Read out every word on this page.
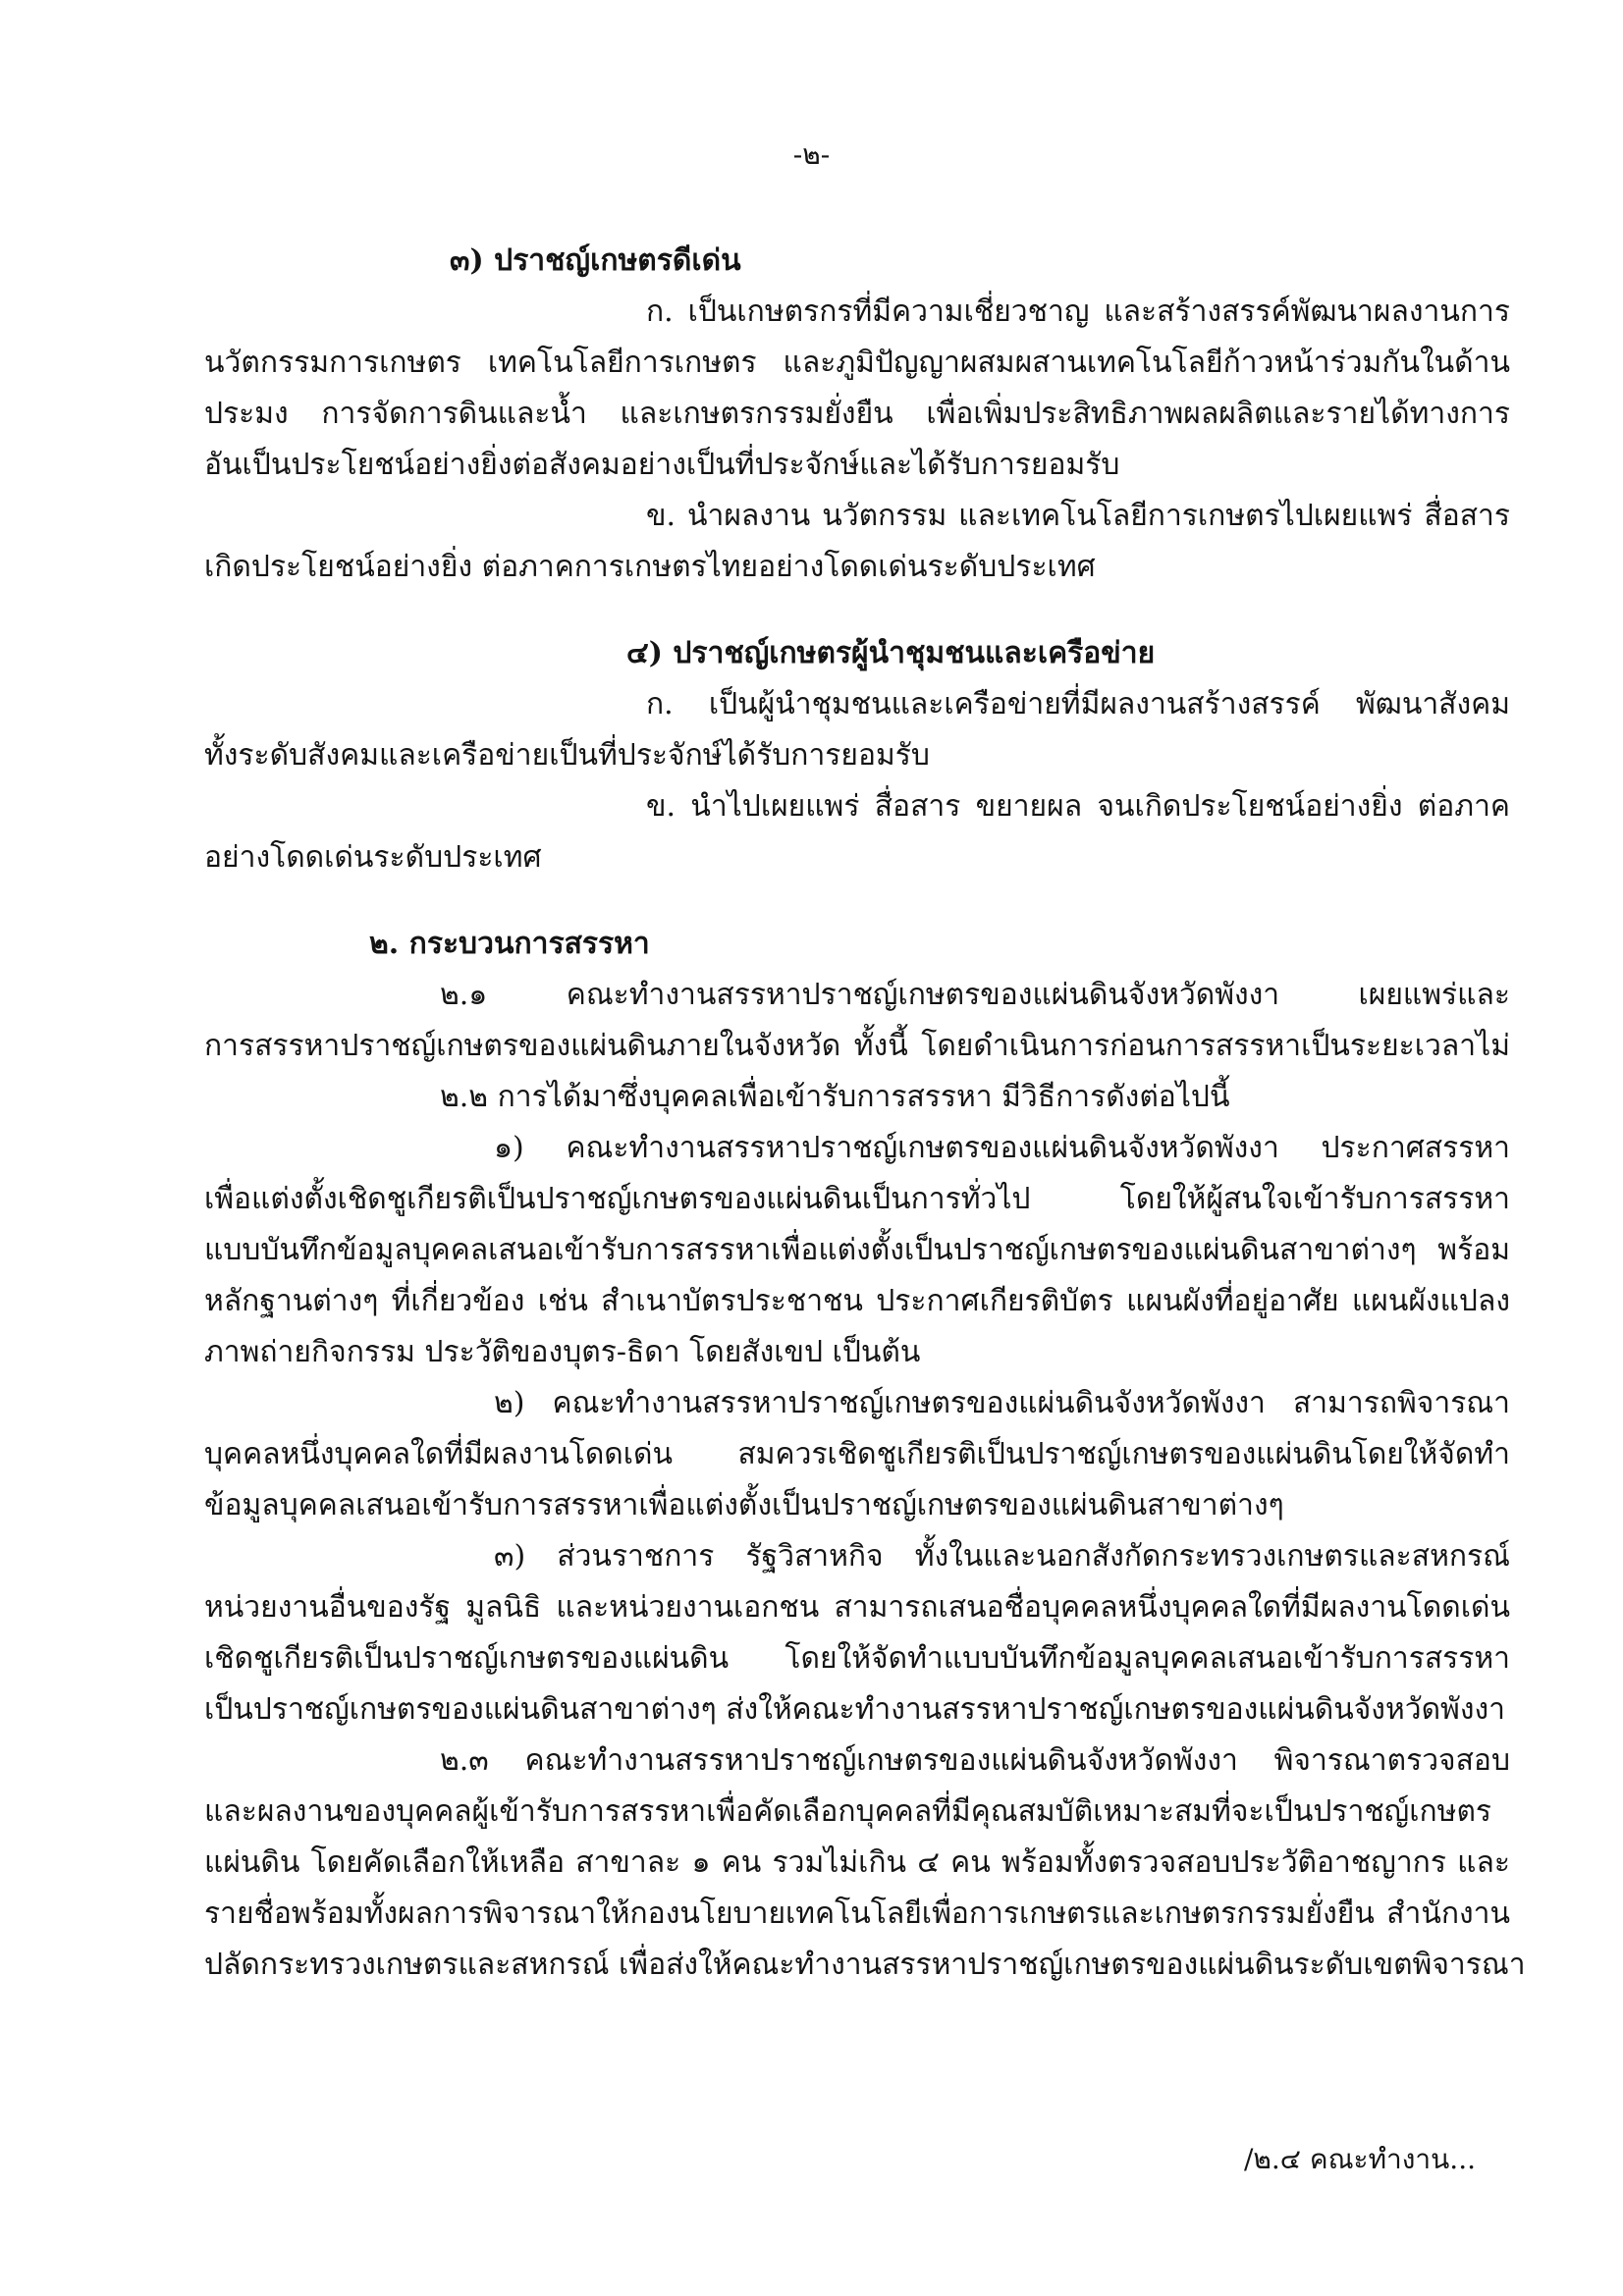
-๒-
๓) ปราชญ์เกษตรดีเด่น
ก. เป็นเกษตรกรที่มีความเชี่ยวชาญ และสร้างสรรค์พัฒนาผลงานการ
นวัตกรรมการเกษตร เทคโนโลยีการเกษตร และภูมิปัญญาผสมผสานเทคโนโลยีก้าวหน้าร่วมกันในด้าน
ประมง การจัดการดินและน้ำ และเกษตรกรรมยั่งยืน เพื่อเพิ่มประสิทธิภาพผลผลิตและรายได้ทางการ
อันเป็นประโยชน์อย่างยิ่งต่อสังคมอย่างเป็นที่ประจักษ์และได้รับการยอมรับ
ข. นำผลงาน นวัตกรรม และเทคโนโลยีการเกษตรไปเผยแพร่ สื่อสาร
เกิดประโยชน์อย่างยิ่ง ต่อภาคการเกษตรไทยอย่างโดดเด่นระดับประเทศ
๔) ปราชญ์เกษตรผู้นำชุมชนและเครือข่าย
ก. เป็นผู้นำชุมชนและเครือข่ายที่มีผลงานสร้างสรรค์ พัฒนาสังคม
ทั้งระดับสังคมและเครือข่ายเป็นที่ประจักษ์ได้รับการยอมรับ
ข. นำไปเผยแพร่ สื่อสาร ขยายผล จนเกิดประโยชน์อย่างยิ่ง ต่อภาค
อย่างโดดเด่นระดับประเทศ
๒. กระบวนการสรรหา
๒.๑ คณะทำงานสรรหาปราชญ์เกษตรของแผ่นดินจังหวัดพังงา เผยแพร่และ
การสรรหาปราชญ์เกษตรของแผ่นดินภายในจังหวัด ทั้งนี้ โดยดำเนินการก่อนการสรรหาเป็นระยะเวลาไม่
๒.๒ การได้มาซึ่งบุคคลเพื่อเข้ารับการสรรหา มีวิธีการดังต่อไปนี้
๑) คณะทำงานสรรหาปราชญ์เกษตรของแผ่นดินจังหวัดพังงา ประกาศสรรหา
เพื่อแต่งตั้งเชิดชูเกียรติเป็นปราชญ์เกษตรของแผ่นดินเป็นการทั่วไป โดยให้ผู้สนใจเข้ารับการสรรหา
แบบบันทึกข้อมูลบุคคลเสนอเข้ารับการสรรหาเพื่อแต่งตั้งเป็นปราชญ์เกษตรของแผ่นดินสาขาต่างๆ พร้อม
หลักฐานต่างๆ ที่เกี่ยวข้อง เช่น สำเนาบัตรประชาชน ประกาศเกียรติบัตร แผนผังที่อยู่อาศัย แผนผังแปลง
ภาพถ่ายกิจกรรม ประวัติของบุตร-ธิดา โดยสังเขป เป็นต้น
๒) คณะทำงานสรรหาปราชญ์เกษตรของแผ่นดินจังหวัดพังงา สามารถพิจารณา
บุคคลหนึ่งบุคคลใดที่มีผลงานโดดเด่น สมควรเชิดชูเกียรติเป็นปราชญ์เกษตรของแผ่นดินโดยให้จัดทำ
ข้อมูลบุคคลเสนอเข้ารับการสรรหาเพื่อแต่งตั้งเป็นปราชญ์เกษตรของแผ่นดินสาขาต่างๆ
๓) ส่วนราชการ รัฐวิสาหกิจ ทั้งในและนอกสังกัดกระทรวงเกษตรและสหกรณ์
หน่วยงานอื่นของรัฐ มูลนิธิ และหน่วยงานเอกชน สามารถเสนอชื่อบุคคลหนึ่งบุคคลใดที่มีผลงานโดดเด่น
เชิดชูเกียรติเป็นปราชญ์เกษตรของแผ่นดิน โดยให้จัดทำแบบบันทึกข้อมูลบุคคลเสนอเข้ารับการสรรหา
เป็นปราชญ์เกษตรของแผ่นดินสาขาต่างๆ ส่งให้คณะทำงานสรรหาปราชญ์เกษตรของแผ่นดินจังหวัดพังงา
๒.๓ คณะทำงานสรรหาปราชญ์เกษตรของแผ่นดินจังหวัดพังงา พิจารณาตรวจสอบ
และผลงานของบุคคลผู้เข้ารับการสรรหาเพื่อคัดเลือกบุคคลที่มีคุณสมบัติเหมาะสมที่จะเป็นปราชญ์เกษตร
แผ่นดิน โดยคัดเลือกให้เหลือ สาขาละ ๑ คน รวมไม่เกิน ๔ คน พร้อมทั้งตรวจสอบประวัติอาชญากร และ
รายชื่อพร้อมทั้งผลการพิจารณาให้กองนโยบายเทคโนโลยีเพื่อการเกษตรและเกษตรกรรมยั่งยืน สำนักงาน
ปลัดกระทรวงเกษตรและสหกรณ์ เพื่อส่งให้คณะทำงานสรรหาปราชญ์เกษตรของแผ่นดินระดับเขตพิจารณา
/๒.๔ คณะทำงาน...
